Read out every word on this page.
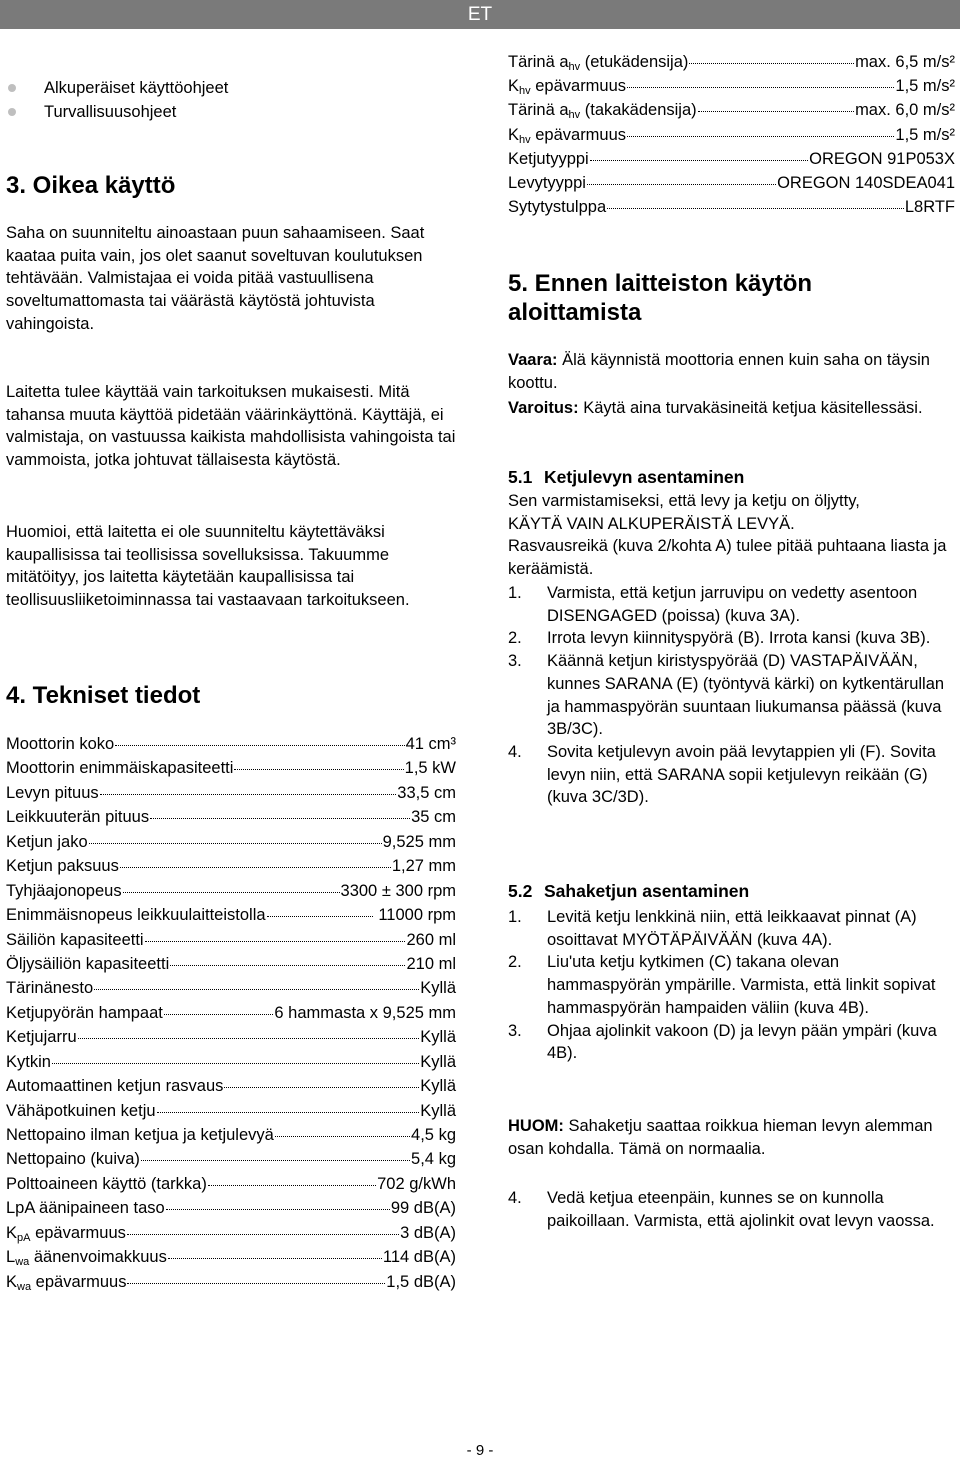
ET
Alkuperäiset käyttöohjeet
Turvallisuusohjeet
3. Oikea käyttö

Saha on suunniteltu ainoastaan puun sahaamiseen. Saat kaataa puita vain, jos olet saanut soveltuvan koulutuksen tehtävään. Valmistajaa ei voida pitää vastuullisena soveltumattomasta tai väärästä käytöstä johtuvista vahingoista.

Laitetta tulee käyttää vain tarkoituksen mukaisesti. Mitä tahansa muuta käyttöä pidetään väärinkäyttönä. Käyttäjä, ei valmistaja, on vastuussa kaikista mahdollisista vahingoista tai vammoista, jotka johtuvat tällaisesta käytöstä.

Huomioi, että laitetta ei ole suunniteltu käytettäväksi kaupallisissa tai teollisissa sovelluksissa. Takuumme mitätöityy, jos laitetta käytetään kaupallisissa tai teollisuusliiketoiminnassa tai vastaavaan tarkoitukseen.

4. Tekniset tiedot
Moottorin koko	41 cm³
Moottorin enimmäiskapasiteetti	1,5 kW
Levyn pituus	33,5 cm
Leikkuuterän pituus	35 cm
Ketjun jako	9,525 mm
Ketjun paksuus	1,27 mm
Tyhjäajonopeus	3300 ± 300 rpm
Enimmäisnopeus leikkuulaitteistolla	11000 rpm
Säiliön kapasiteetti	260 ml
Öljysäiliön kapasiteetti	210 ml
Tärinänesto	Kyllä
Ketjupyörän hampaat	6 hammasta x 9,525 mm
Ketjujarru	Kyllä
Kytkin	Kyllä
Automaattinen ketjun rasvaus	Kyllä
Vähäpotkuinen ketju	Kyllä
Nettopaino ilman ketjua ja ketjulevyä	4,5 kg
Nettopaino (kuiva)	5,4 kg
Polttoaineen käyttö (tarkka)	702 g/kWh
LpA äänipaineen taso	99 dB(A)
$K_{pA}$ epävarmuus	3 dB(A)
$L_{wa}$ äänenvoimakkuus	114 dB(A)
$K_{wa}$ epävarmuus	1,5 dB(A)
Tärinä $a_{hv}$ (etukädensija)	max. 6,5 m/s²
$K_{hv}$ epävarmuus	1,5 m/s²
Tärinä $a_{hv}$ (takakädensija)	max. 6,0 m/s²
$K_{hv}$ epävarmuus	1,5 m/s²
Ketjutyyppi	OREGON 91P053X
Levytyyppi	OREGON 140SDEA041
Sytytystulppa	L8RTF
5. Ennen laitteiston käytön aloittamista

Vaara: Älä käynnistä moottoria ennen kuin saha on täysin koottu.

Varoitus: Käytä aina turvakäsineitä ketjua käsitellessäsi.

5.1 Ketjulevyn asentaminen
Sen varmistamiseksi, että levy ja ketju on öljytty,
KÄYTÄ VAIN ALKUPERÄISTÄ LEVYÄ.
Rasvausreikä (kuva 2/kohta A) tulee pitää puhtaana liasta ja keräämistä.
1. Varmista, että ketjun jarruvipu on vedetty asentoon DISENGAGED (poissa) (kuva 3A).
2. Irrota levyn kiinnityspyörä (B). Irrota kansi (kuva 3B).
3. Käännä ketjun kiristyspyörää (D) VASTAPÄIVÄÄN, kunnes SARANA (E) (työntyvä kärki) on kytkentärullan ja hammaspyörän suuntaan liukumansa päässä (kuva 3B/3C).
4. Sovita ketjulevyn avoin pää levytappien yli (F). Sovita levyn niin, että SARANA sopii ketjulevyn reikään (G) (kuva 3C/3D).
5.2 Sahaketjun asentaminen
1. Levitä ketju lenkkinä niin, että leikkaavat pinnat (A) osoittavat MYÖTÄPÄIVÄÄN (kuva 4A).
2. Liu'uta ketju kytkimen (C) takana olevan hammaspyörän ympärille. Varmista, että linkit sopivat hammaspyörän hampaiden väliin (kuva 4B).
3. Ohjaa ajolinkit vakoon (D) ja levyn pään ympäri (kuva 4B).

HUOM: Sahaketju saattaa roikkua hieman levyn alemman osan kohdalla. Tämä on normaalia.

4. Vedä ketjua eteenpäin, kunnes se on kunnolla paikoillaan. Varmista, että ajolinkit ovat levyn vaossa.
- 9 -
